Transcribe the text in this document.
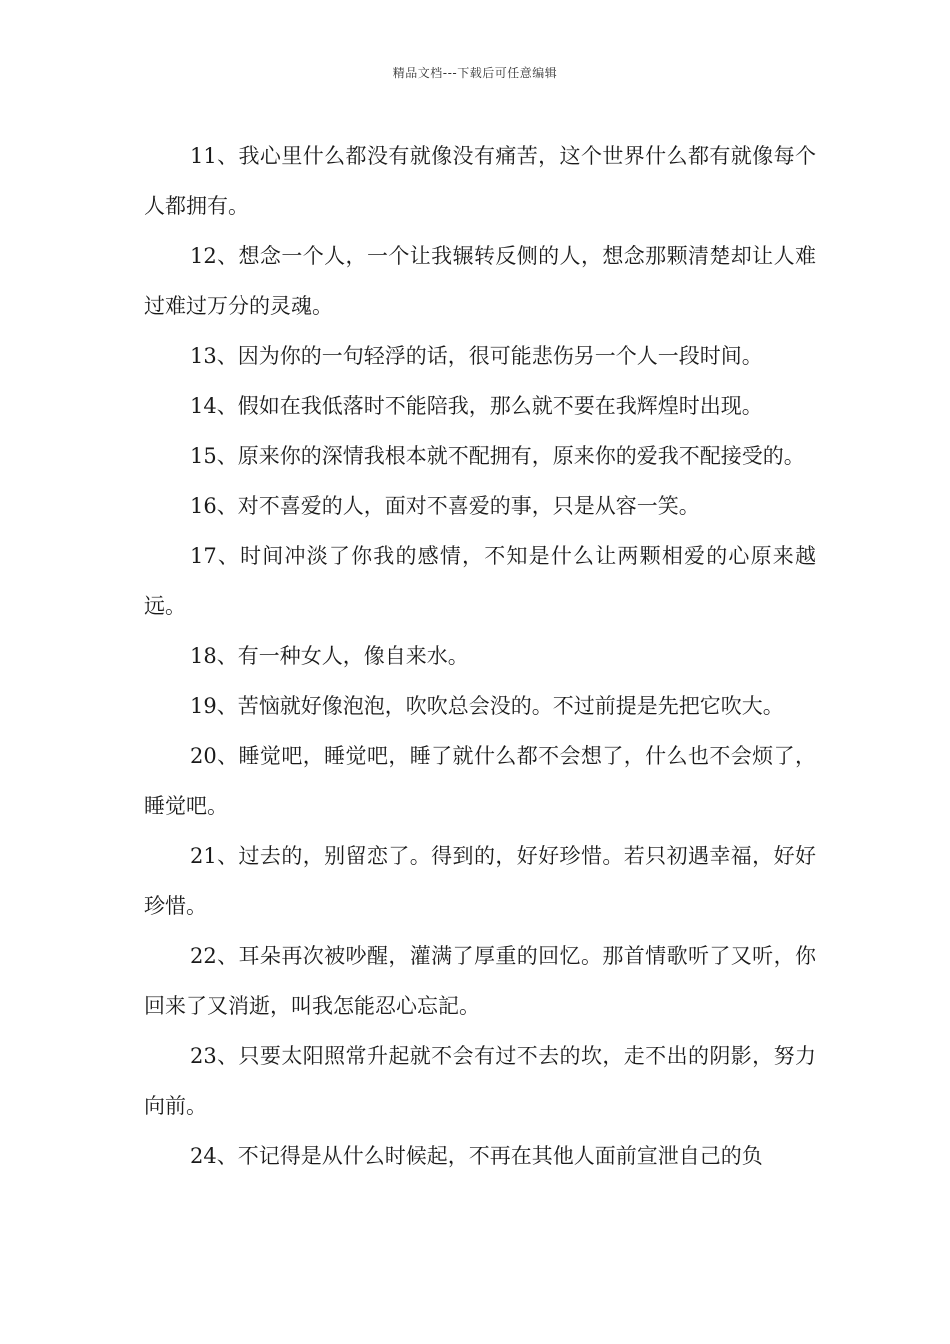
精品文档---下载后可任意编辑

11、我心里什么都没有就像没有痛苦，这个世界什么都有就像每个人都拥有。

12、想念一个人，一个让我辗转反侧的人，想念那颗清楚却让人难过难过万分的灵魂。

13、因为你的一句轻浮的话，很可能悲伤另一个人一段时间。

14、假如在我低落时不能陪我，那么就不要在我辉煌时出现。

15、原来你的深情我根本就不配拥有，原来你的爱我不配接受的。

16、对不喜爱的人，面对不喜爱的事，只是从容一笑。

17、时间冲淡了你我的感情，不知是什么让两颗相爱的心原来越远。

18、有一种女人，像自来水。

19、苦恼就好像泡泡，吹吹总会没的。不过前提是先把它吹大。

20、睡觉吧，睡觉吧，睡了就什么都不会想了，什么也不会烦了，睡觉吧。

21、过去的，别留恋了。得到的，好好珍惜。若只初遇幸福，好好珍惜。

22、耳朵再次被吵醒，灌满了厚重的回忆。那首情歌听了又听，你回来了又消逝，叫我怎能忍心忘記。

23、只要太阳照常升起就不会有过不去的坎，走不出的阴影，努力向前。

24、不记得是从什么时候起，不再在其他人面前宣泄自己的负
